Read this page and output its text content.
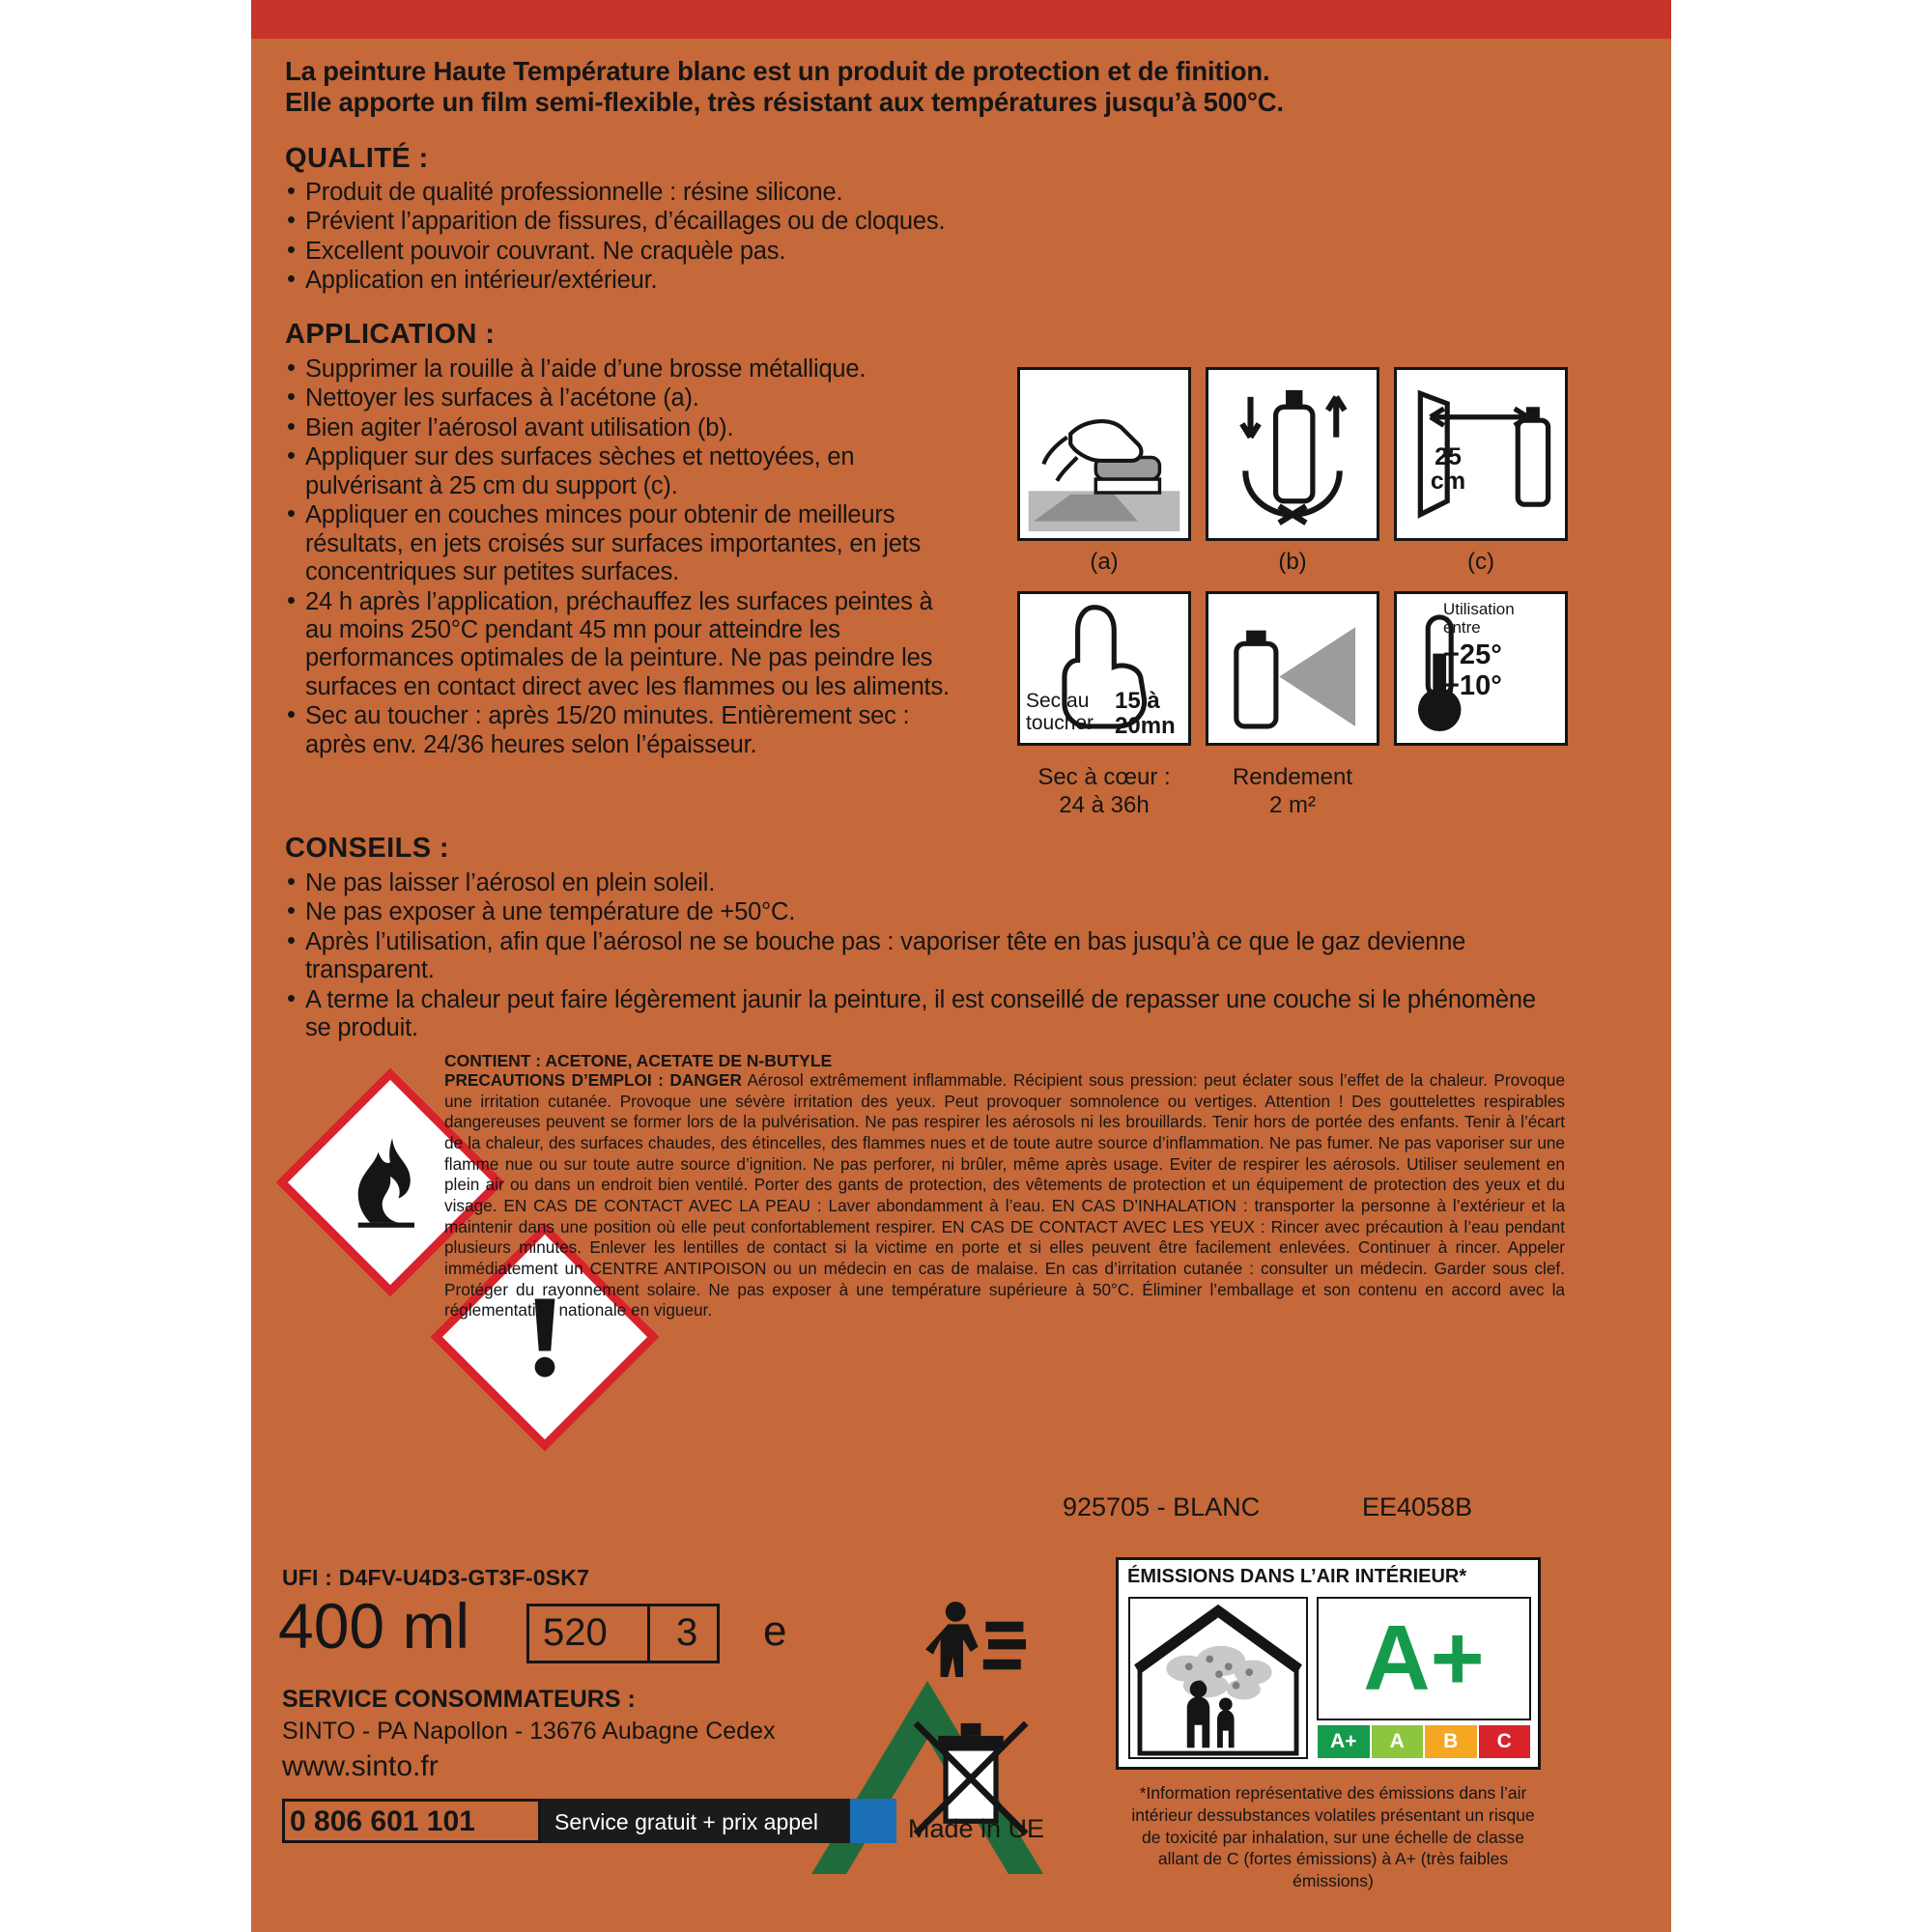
La peinture Haute Température blanc est un produit de protection et de finition.
Elle apporte un film semi-flexible, très résistant aux températures jusqu’à 500°C.
QUALITÉ :
• Produit de qualité professionnelle : résine silicone.
• Prévient l’apparition de fissures, d’écaillages ou de cloques.
• Excellent pouvoir couvrant. Ne craquèle pas.
• Application en intérieur/extérieur.
APPLICATION :
• Supprimer la rouille à l’aide d’une brosse métallique.
• Nettoyer les surfaces à l’acétone (a).
• Bien agiter l’aérosol avant utilisation (b).
• Appliquer sur des surfaces sèches et nettoyées, en pulvérisant à 25 cm du support (c).
• Appliquer en couches minces pour obtenir de meilleurs résultats, en jets croisés sur surfaces importantes, en jets concentriques sur petites surfaces.
• 24 h après l’application, préchauffez les surfaces peintes à au moins 250°C pendant 45 mn pour atteindre les performances optimales de la peinture. Ne pas peindre les surfaces en contact direct avec les flammes ou les aliments.
• Sec au toucher : après 15/20 minutes. Entièrement sec : après env. 24/36 heures selon l’épaisseur.
CONSEILS :
• Ne pas laisser l’aérosol en plein soleil.
• Ne pas exposer à une température de +50°C.
• Après l’utilisation, afin que l’aérosol ne se bouche pas : vaporiser tête en bas jusqu’à ce que le gaz devienne transparent.
• A terme la chaleur peut faire légèrement jaunir la peinture, il est conseillé de repasser une couche si le phénomène se produit.
(a)	(b)
25
cm
(c)
Sec au
toucher
15 à
20mn
Sec à cœur :
24 à 36h
Rendement
2 m²
Utilisation
entre
+25°
+10°
CONTIENT : ACETONE, ACETATE DE N-BUTYLE
PRECAUTIONS D’EMPLOI : DANGER Aérosol extrêmement inflammable. Récipient sous pression: peut éclater sous l’effet de la chaleur. Provoque une irritation cutanée. Provoque une sévère irritation des yeux. Peut provoquer somnolence ou vertiges. Attention ! Des gouttelettes respirables dangereuses peuvent se former lors de la pulvérisation. Ne pas respirer les aérosols ni les brouillards. Tenir hors de portée des enfants. Tenir à l’écart de la chaleur, des surfaces chaudes, des étincelles, des flammes nues et de toute autre source d’inflammation. Ne pas fumer. Ne pas vaporiser sur une flamme nue ou sur toute autre source d’ignition. Ne pas perforer, ni brûler, même après usage. Eviter de respirer les aérosols. Utiliser seulement en plein air ou dans un endroit bien ventilé. Porter des gants de protection, des vêtements de protection et un équipement de protection des yeux et du visage. EN CAS DE CONTACT AVEC LA PEAU : Laver abondamment à l’eau. EN CAS D’INHALATION : transporter la personne à l’extérieur et la maintenir dans une position où elle peut confortablement respirer. EN CAS DE CONTACT AVEC LES YEUX : Rincer avec précaution à l’eau pendant plusieurs minutes. Enlever les lentilles de contact si la victime en porte et si elles peuvent être facilement enlevées. Continuer à rincer. Appeler immédiatement un CENTRE ANTIPOISON ou un médecin en cas de malaise. En cas d’irritation cutanée : consulter un médecin. Garder sous clef. Protéger du rayonnement solaire. Ne pas exposer à une température supérieure à 50°C. Éliminer l’emballage et son contenu en accord avec la réglementation nationale en vigueur.
925705 - BLANC	EE4058B
UFI : D4FV-U4D3-GT3F-0SK7
400 ml 520 3 e
SERVICE CONSOMMATEURS :
SINTO - PA Napollon - 13676 Aubagne Cedex
www.sinto.fr
0 806 601 101	Service gratuit + prix appel	Made in UE
ÉMISSIONS DANS L’AIR INTÉRIEUR*
A+
A+	A	B	C
*Information représentative des émissions dans l’air intérieur dessubstances volatiles présentant un risque de toxicité par inhalation, sur une échelle de classe allant de C (fortes émissions) à A+ (très faibles émissions)
